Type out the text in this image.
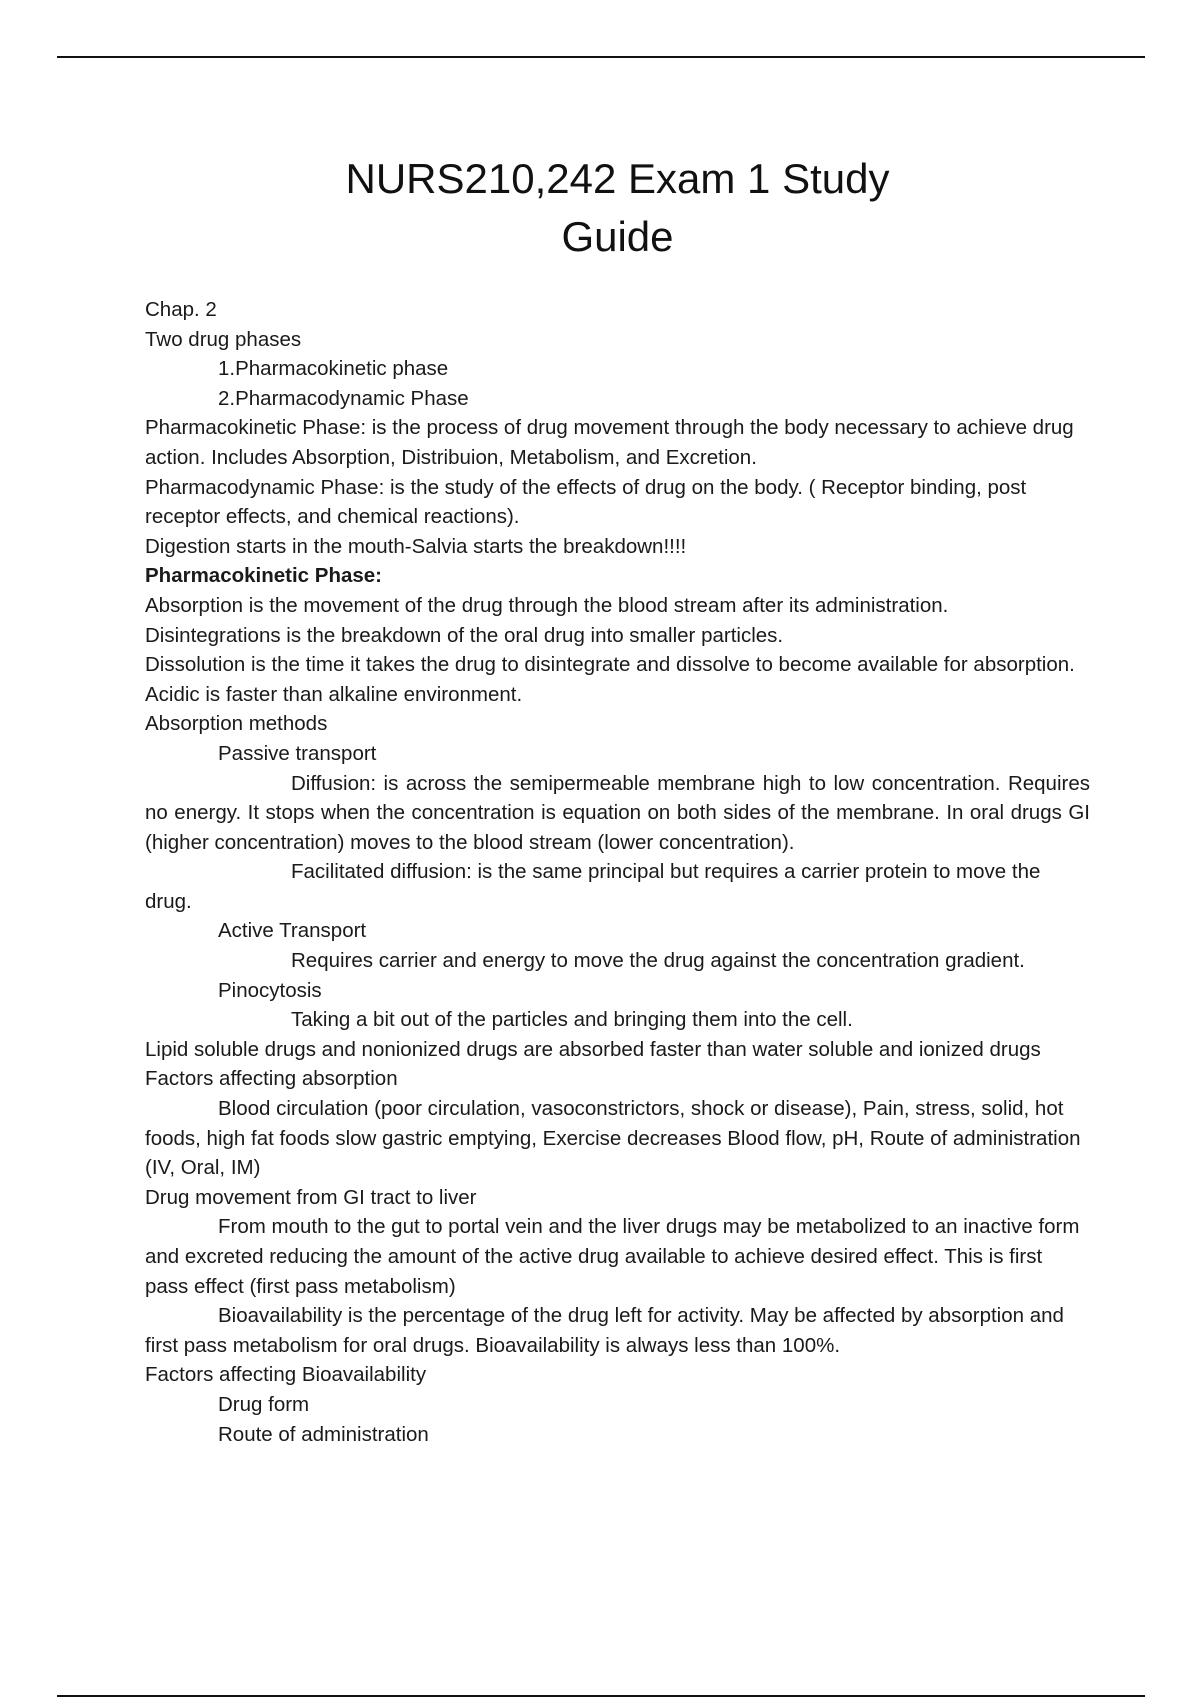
NURS210,242 Exam 1 Study
Guide

Chap. 2

Two drug phases

1.Pharmacokinetic phase

2.Pharmacodynamic Phase

Pharmacokinetic Phase: is the process of drug movement through the body necessary to achieve drug action. Includes Absorption, Distribuion, Metabolism, and Excretion.

Pharmacodynamic Phase: is the study of the effects of drug on the body. ( Receptor binding, post receptor effects, and chemical reactions).

Digestion starts in the mouth-Salvia starts the breakdown!!!!

Pharmacokinetic Phase:

Absorption is the movement of the drug through the blood stream after its administration.

Disintegrations is the breakdown of the oral drug into smaller particles.

Dissolution is the time it takes the drug to disintegrate and dissolve to become available for absorption.

Acidic is faster than alkaline environment.

Absorption methods

Passive transport

Diffusion: is across the semipermeable membrane high to low concentration. Requires no energy. It stops when the concentration is equation on both sides of the membrane. In oral drugs GI (higher concentration) moves to the blood stream (lower concentration).

Facilitated diffusion: is the same principal but requires a carrier protein to move the drug.

Active Transport

Requires carrier and energy to move the drug against the concentration gradient.

Pinocytosis

Taking a bit out of the particles and bringing them into the cell.

Lipid soluble drugs and nonionized drugs are absorbed faster than water soluble and ionized drugs

Factors affecting absorption

Blood circulation (poor circulation, vasoconstrictors, shock or disease), Pain, stress, solid, hot foods, high fat foods slow gastric emptying, Exercise decreases Blood flow, pH, Route of administration (IV, Oral, IM)

Drug movement from GI tract to liver

From mouth to the gut to portal vein and the liver drugs may be metabolized to an inactive form and excreted reducing the amount of the active drug available to achieve desired effect. This is first pass effect (first pass metabolism)

Bioavailability is the percentage of the drug left for activity. May be affected by absorption and first pass metabolism for oral drugs. Bioavailability is always less than 100%.

Factors affecting Bioavailability

Drug form

Route of administration
